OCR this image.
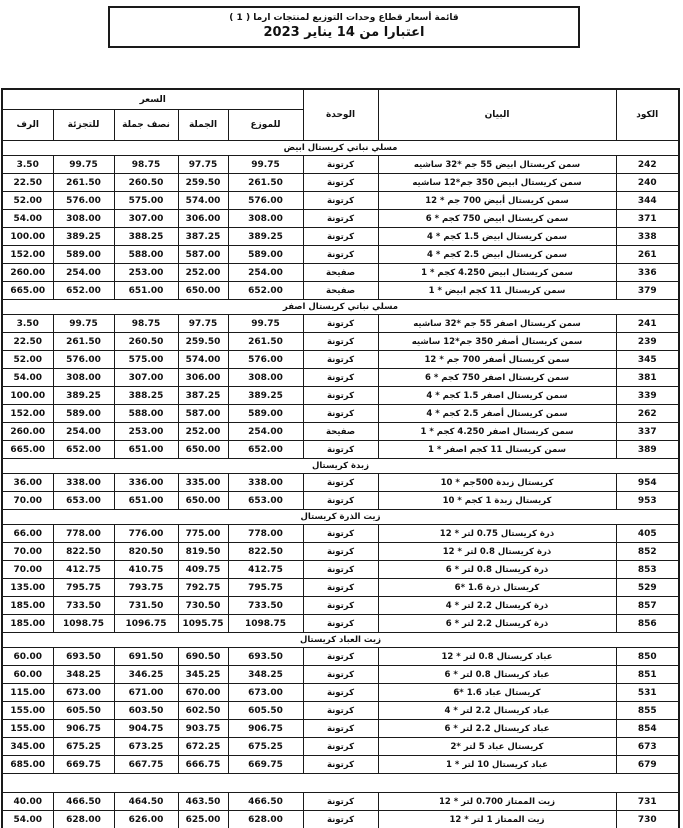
قائمة أسعار قطاع وحدات التوزيع لمنتجات ارما ( 1 )
اعتبارا من 14 يناير 2023
الكود	البيان	الوحدة	السعر				
			للموزع	الجملة	نصف جملة	للتجزئة	الرف
مسلي نباتي كريستال ابيض							
242	سمن كريستال ابيض 55 جم *32 ساشيه	كرتونة	99.75	97.75	98.75	99.75	3.50
240	سمن كريستال ابيض 350 جم*12 ساشيه	كرتونة	261.50	259.50	260.50	261.50	22.50
344	سمن كريستال أبيض 700 جم * 12	كرتونة	576.00	574.00	575.00	576.00	52.00
371	سمن كريستال ابيض 750 كجم * 6	كرتونة	308.00	306.00	307.00	308.00	54.00
338	سمن كريستال ابيض 1.5 كجم * 4	كرتونة	389.25	387.25	388.25	389.25	100.00
261	سمن كريستال ابيض 2.5 كجم * 4	كرتونة	589.00	587.00	588.00	589.00	152.00
336	سمن كريستال ابيض 4.250 كجم * 1	صفيحة	254.00	252.00	253.00	254.00	260.00
379	سمن كريستال 11 كجم ابيض * 1	صفيحة	652.00	650.00	651.00	652.00	665.00
مسلي نباتي كريستال اصفر							
241	سمن كريستال اصفر 55 جم *32 ساشيه	كرتونة	99.75	97.75	98.75	99.75	3.50
239	سمن كريستال أصفر 350 جم*12 ساشيه	كرتونة	261.50	259.50	260.50	261.50	22.50
345	سمن كريستال أصفر 700 جم * 12	كرتونة	576.00	574.00	575.00	576.00	52.00
381	سمن كريستال اصفر 750 كجم * 6	كرتونة	308.00	306.00	307.00	308.00	54.00
339	سمن كريستال اصفر 1.5 كجم * 4	كرتونة	389.25	387.25	388.25	389.25	100.00
262	سمن كريستال أصفر 2.5 كجم * 4	كرتونة	589.00	587.00	588.00	589.00	152.00
337	سمن كريستال اصفر 4.250 كجم * 1	صفيحة	254.00	252.00	253.00	254.00	260.00
389	سمن كريستال 11 كجم اصفر * 1	كرتونة	652.00	650.00	651.00	652.00	665.00
زبدة كريستال							
954	كريستال زبدة 500جم * 10	كرتونة	338.00	335.00	336.00	338.00	36.00
953	كريستال زبدة 1 كجم * 10	كرتونة	653.00	650.00	651.00	653.00	70.00
زيت الذرة كريستال							
405	ذرة كريستال 0.75 لتر * 12	كرتونة	778.00	775.00	776.00	778.00	66.00
852	ذرة كريستال 0.8 لتر * 12	كرتونة	822.50	819.50	820.50	822.50	70.00
853	ذرة كريستال 0.8 لتر * 6	كرتونة	412.75	409.75	410.75	412.75	70.00
529	كريستال ذرة 1.6 *6	كرتونة	795.75	792.75	793.75	795.75	135.00
857	ذرة كريستال 2.2 لتر * 4	كرتونة	733.50	730.50	731.50	733.50	185.00
856	ذرة كريستال 2.2 لتر * 6	كرتونة	1098.75	1095.75	1096.75	1098.75	185.00
زيت العباد كريستال							
850	عباد كريستال 0.8 لتر * 12	كرتونة	693.50	690.50	691.50	693.50	60.00
851	عباد كريستال 0.8 لتر * 6	كرتونة	348.25	345.25	346.25	348.25	60.00
531	كريستال عباد 1.6 *6	كرتونة	673.00	670.00	671.00	673.00	115.00
855	عباد كريستال 2.2 لتر * 4	كرتونة	605.50	602.50	603.50	605.50	155.00
854	عباد كريستال 2.2 لتر * 6	كرتونة	906.75	903.75	904.75	906.75	155.00
673	كريستال عباد 5 لتر *2	كرتونة	675.25	672.25	673.25	675.25	345.00
679	عباد كريستال 10 لتر * 1	كرتونة	669.75	666.75	667.75	669.75	685.00

731	زيت الممتاز 0.700 لتر * 12	كرتونة	466.50	463.50	464.50	466.50	40.00
730	زيت الممتاز 1 لتر * 12	كرتونة	628.00	625.00	626.00	628.00	54.00
